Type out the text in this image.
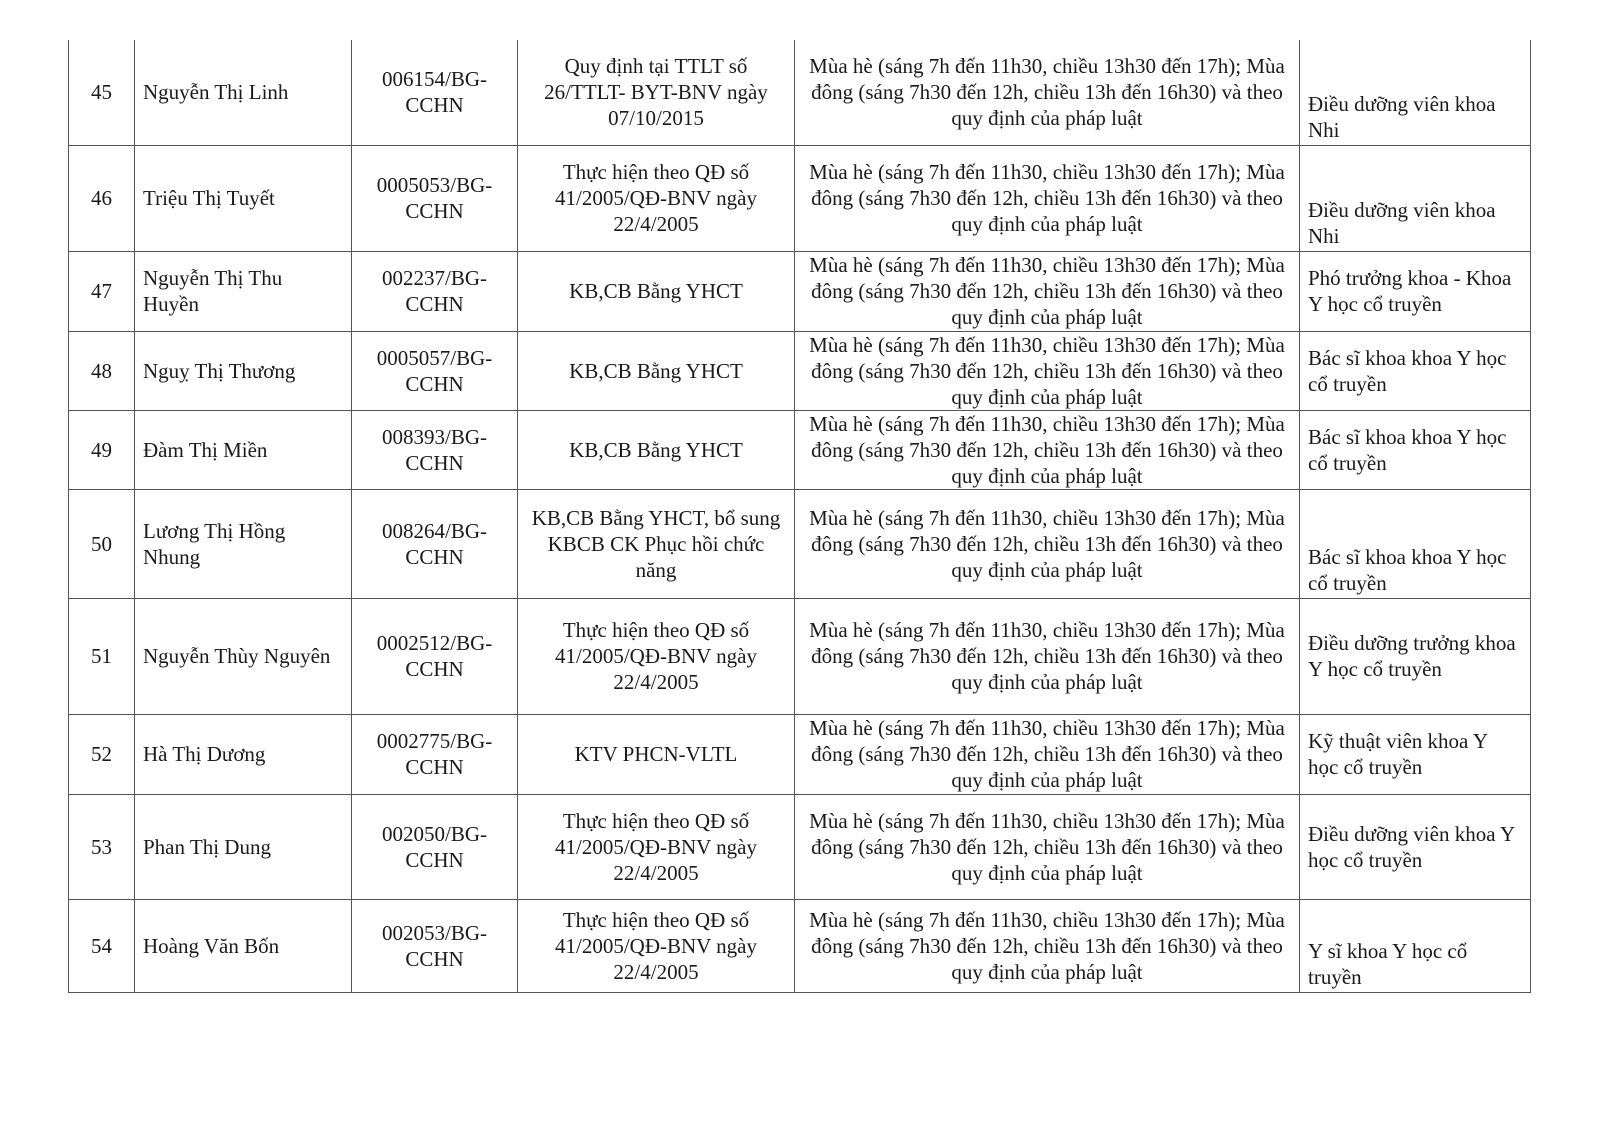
45	Nguyễn Thị Linh	006154/BG-CCHN	Quy định tại TTLT số 26/TTLT- BYT-BNV ngày 07/10/2015	Mùa hè (sáng 7h đến 11h30, chiều 13h30 đến 17h); Mùa đông (sáng 7h30 đến 12h, chiều 13h đến 16h30) và theo quy định của pháp luật	Điều dưỡng viên khoa Nhi
46	Triệu Thị Tuyết	0005053/BG-CCHN	Thực hiện theo QĐ số 41/2005/QĐ-BNV ngày 22/4/2005	Mùa hè (sáng 7h đến 11h30, chiều 13h30 đến 17h); Mùa đông (sáng 7h30 đến 12h, chiều 13h đến 16h30) và theo quy định của pháp luật	Điều dưỡng viên khoa Nhi
47	Nguyễn Thị Thu Huyền	002237/BG-CCHN	KB,CB Bằng YHCT	Mùa hè (sáng 7h đến 11h30, chiều 13h30 đến 17h); Mùa đông (sáng 7h30 đến 12h, chiều 13h đến 16h30) và theo quy định của pháp luật	Phó trưởng khoa - Khoa Y học cổ truyền
48	Nguỵ Thị Thương	0005057/BG-CCHN	KB,CB Bằng YHCT	Mùa hè (sáng 7h đến 11h30, chiều 13h30 đến 17h); Mùa đông (sáng 7h30 đến 12h, chiều 13h đến 16h30) và theo quy định của pháp luật	Bác sĩ khoa khoa Y học cổ truyền
49	Đàm Thị Miền	008393/BG-CCHN	KB,CB Bằng YHCT	Mùa hè (sáng 7h đến 11h30, chiều 13h30 đến 17h); Mùa đông (sáng 7h30 đến 12h, chiều 13h đến 16h30) và theo quy định của pháp luật	Bác sĩ khoa khoa Y học cổ truyền
50	Lương Thị Hồng Nhung	008264/BG-CCHN	KB,CB Bằng YHCT, bổ sung KBCB CK Phục hồi chức năng	Mùa hè (sáng 7h đến 11h30, chiều 13h30 đến 17h); Mùa đông (sáng 7h30 đến 12h, chiều 13h đến 16h30) và theo quy định của pháp luật	Bác sĩ khoa khoa Y học cổ truyền
51	Nguyễn Thùy Nguyên	0002512/BG-CCHN	Thực hiện theo QĐ số 41/2005/QĐ-BNV ngày 22/4/2005	Mùa hè (sáng 7h đến 11h30, chiều 13h30 đến 17h); Mùa đông (sáng 7h30 đến 12h, chiều 13h đến 16h30) và theo quy định của pháp luật	Điều dưỡng trưởng khoa Y học cổ truyền
52	Hà Thị Dương	0002775/BG-CCHN	KTV PHCN-VLTL	Mùa hè (sáng 7h đến 11h30, chiều 13h30 đến 17h); Mùa đông (sáng 7h30 đến 12h, chiều 13h đến 16h30) và theo quy định của pháp luật	Kỹ thuật viên khoa Y học cổ truyền
53	Phan Thị Dung	002050/BG-CCHN	Thực hiện theo QĐ số 41/2005/QĐ-BNV ngày 22/4/2005	Mùa hè (sáng 7h đến 11h30, chiều 13h30 đến 17h); Mùa đông (sáng 7h30 đến 12h, chiều 13h đến 16h30) và theo quy định của pháp luật	Điều dưỡng viên khoa Y học cổ truyền
54	Hoàng Văn Bốn	002053/BG-CCHN	Thực hiện theo QĐ số 41/2005/QĐ-BNV ngày 22/4/2005	Mùa hè (sáng 7h đến 11h30, chiều 13h30 đến 17h); Mùa đông (sáng 7h30 đến 12h, chiều 13h đến 16h30) và theo quy định của pháp luật	Y sĩ khoa Y học cổ truyền
